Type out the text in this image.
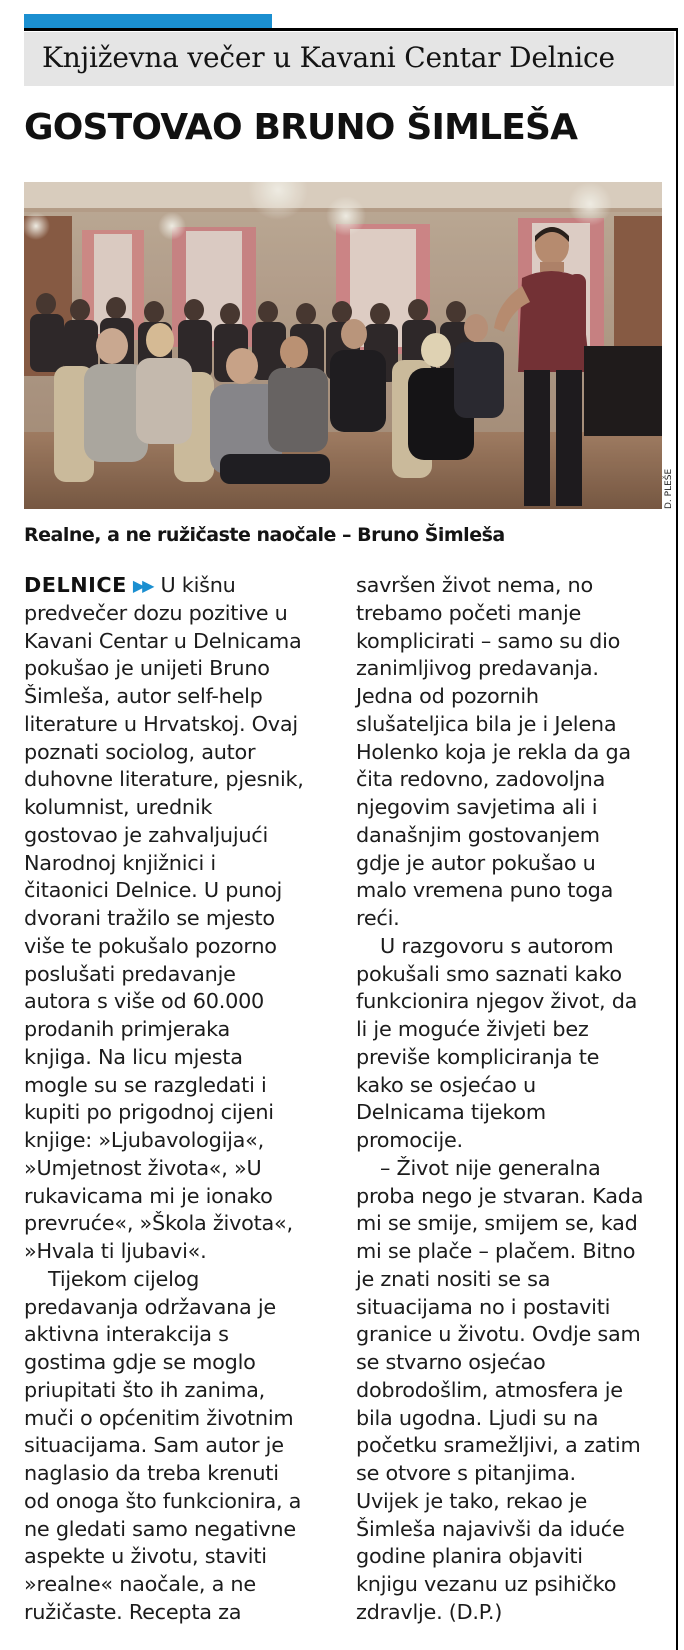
Književna večer u Kavani Centar Delnice
GOSTOVAO BRUNO ŠIMLEŠA
D. PLEŠE
Realne, a ne ružičaste naočale – Bruno Šimleša
DELNICE ▶▶ U kišnu
predvečer dozu pozitive u
Kavani Centar u Delnicama
pokušao je unijeti Bruno
Šimleša, autor self-help
literature u Hrvatskoj. Ovaj
poznati sociolog, autor
duhovne literature, pjesnik,
kolumnist, urednik
gostovao je zahvaljujući
Narodnoj knjižnici i
čitaonici Delnice. U punoj
dvorani tražilo se mjesto
više te pokušalo pozorno
poslušati predavanje
autora s više od 60.000
prodanih primjeraka
knjiga. Na licu mjesta
mogle su se razgledati i
kupiti po prigodnoj cijeni
knjige: »Ljubavologija«,
»Umjetnost života«, »U
rukavicama mi je ionako
prevruće«, »Škola života«,
»Hvala ti ljubavi«.
Tijekom cijelog
predavanja održavana je
aktivna interakcija s
gostima gdje se moglo
priupitati što ih zanima,
muči o općenitim životnim
situacijama. Sam autor je
naglasio da treba krenuti
od onoga što funkcionira, a
ne gledati samo negativne
aspekte u životu, staviti
»realne« naočale, a ne
ružičaste. Recepta za
savršen život nema, no
trebamo početi manje
komplicirati – samo su dio
zanimljivog predavanja.
Jedna od pozornih
slušateljica bila je i Jelena
Holenko koja je rekla da ga
čita redovno, zadovoljna
njegovim savjetima ali i
današnjim gostovanjem
gdje je autor pokušao u
malo vremena puno toga
reći.
U razgovoru s autorom
pokušali smo saznati kako
funkcionira njegov život, da
li je moguće živjeti bez
previše kompliciranja te
kako se osjećao u
Delnicama tijekom
promocije.
– Život nije generalna
proba nego je stvaran. Kada
mi se smije, smijem se, kad
mi se plače – plačem. Bitno
je znati nositi se sa
situacijama no i postaviti
granice u životu. Ovdje sam
se stvarno osjećao
dobrodošlim, atmosfera je
bila ugodna. Ljudi su na
početku sramežljivi, a zatim
se otvore s pitanjima.
Uvijek je tako, rekao je
Šimleša najavivši da iduće
godine planira objaviti
knjigu vezanu uz psihičko
zdravlje. (D.P.)
